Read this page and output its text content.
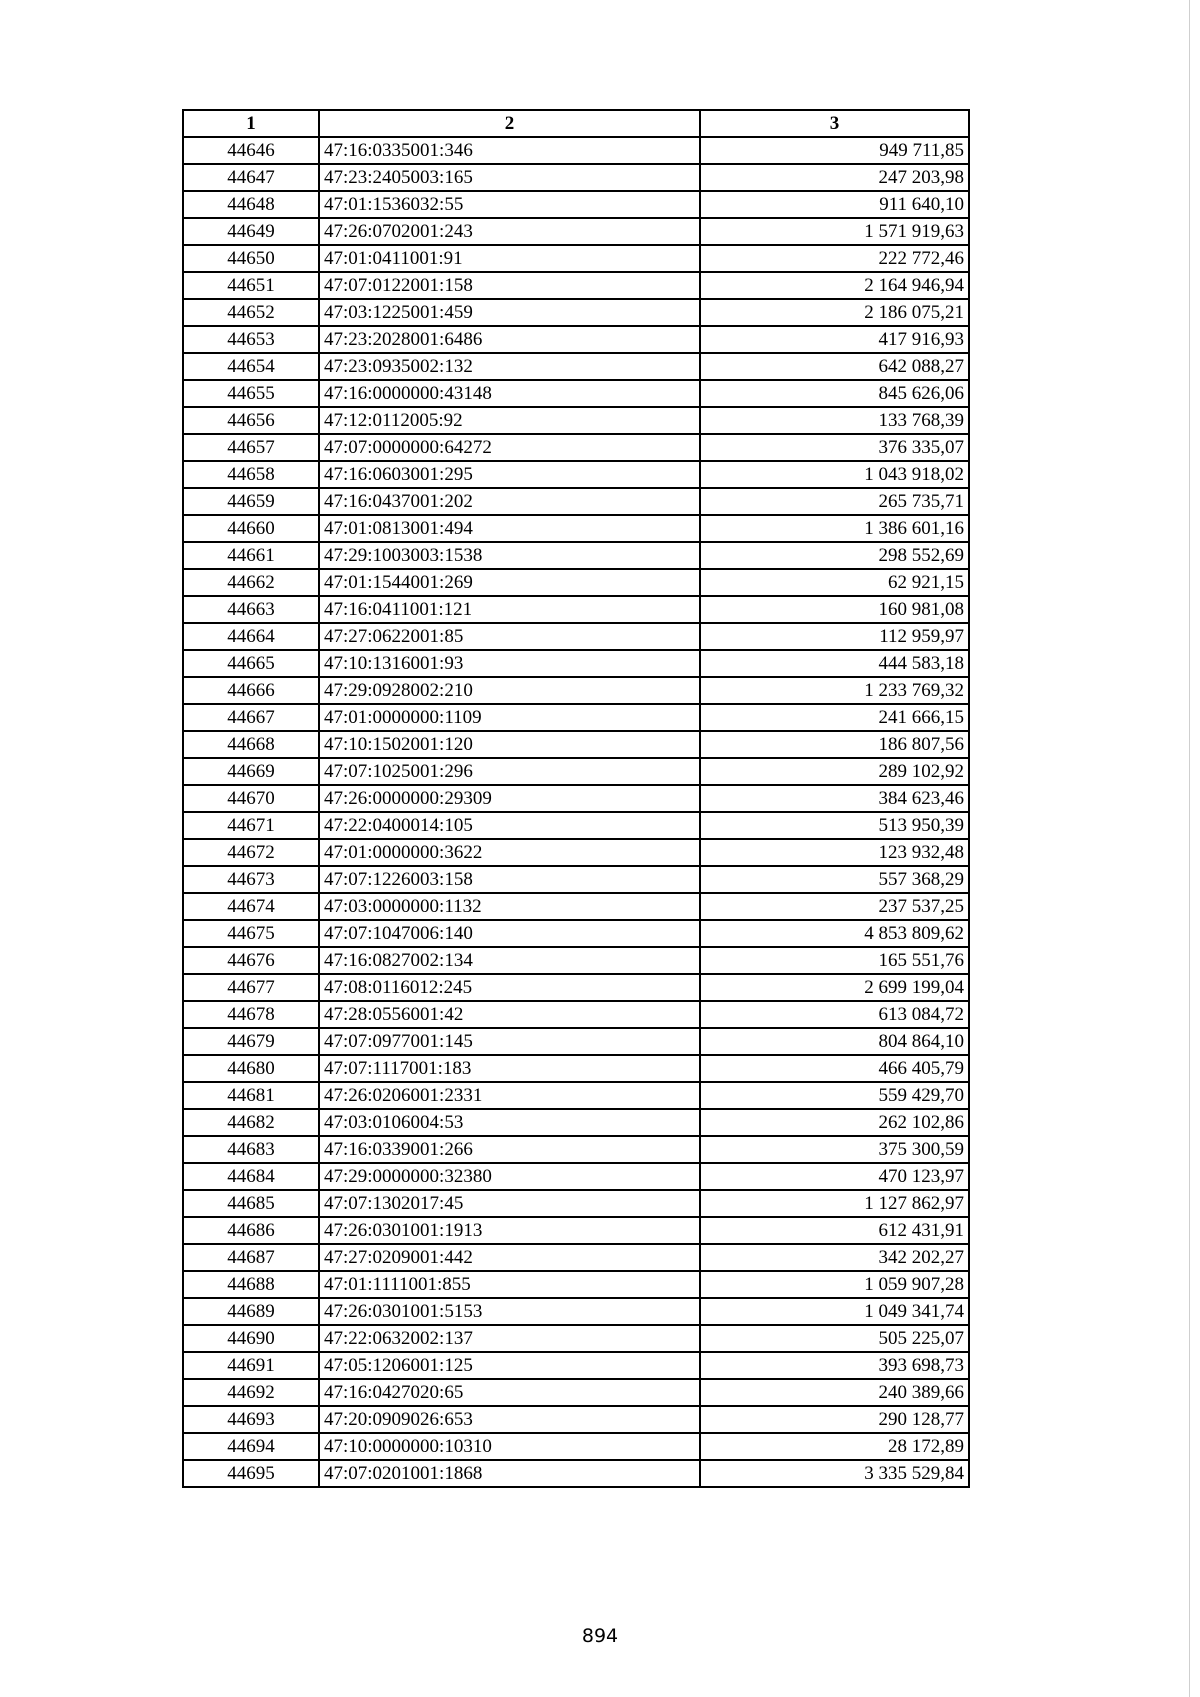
1	2	3
44646	47:16:0335001:346	949 711,85
44647	47:23:2405003:165	247 203,98
44648	47:01:1536032:55	911 640,10
44649	47:26:0702001:243	1 571 919,63
44650	47:01:0411001:91	222 772,46
44651	47:07:0122001:158	2 164 946,94
44652	47:03:1225001:459	2 186 075,21
44653	47:23:2028001:6486	417 916,93
44654	47:23:0935002:132	642 088,27
44655	47:16:0000000:43148	845 626,06
44656	47:12:0112005:92	133 768,39
44657	47:07:0000000:64272	376 335,07
44658	47:16:0603001:295	1 043 918,02
44659	47:16:0437001:202	265 735,71
44660	47:01:0813001:494	1 386 601,16
44661	47:29:1003003:1538	298 552,69
44662	47:01:1544001:269	62 921,15
44663	47:16:0411001:121	160 981,08
44664	47:27:0622001:85	112 959,97
44665	47:10:1316001:93	444 583,18
44666	47:29:0928002:210	1 233 769,32
44667	47:01:0000000:1109	241 666,15
44668	47:10:1502001:120	186 807,56
44669	47:07:1025001:296	289 102,92
44670	47:26:0000000:29309	384 623,46
44671	47:22:0400014:105	513 950,39
44672	47:01:0000000:3622	123 932,48
44673	47:07:1226003:158	557 368,29
44674	47:03:0000000:1132	237 537,25
44675	47:07:1047006:140	4 853 809,62
44676	47:16:0827002:134	165 551,76
44677	47:08:0116012:245	2 699 199,04
44678	47:28:0556001:42	613 084,72
44679	47:07:0977001:145	804 864,10
44680	47:07:1117001:183	466 405,79
44681	47:26:0206001:2331	559 429,70
44682	47:03:0106004:53	262 102,86
44683	47:16:0339001:266	375 300,59
44684	47:29:0000000:32380	470 123,97
44685	47:07:1302017:45	1 127 862,97
44686	47:26:0301001:1913	612 431,91
44687	47:27:0209001:442	342 202,27
44688	47:01:1111001:855	1 059 907,28
44689	47:26:0301001:5153	1 049 341,74
44690	47:22:0632002:137	505 225,07
44691	47:05:1206001:125	393 698,73
44692	47:16:0427020:65	240 389,66
44693	47:20:0909026:653	290 128,77
44694	47:10:0000000:10310	28 172,89
44695	47:07:0201001:1868	3 335 529,84
894
